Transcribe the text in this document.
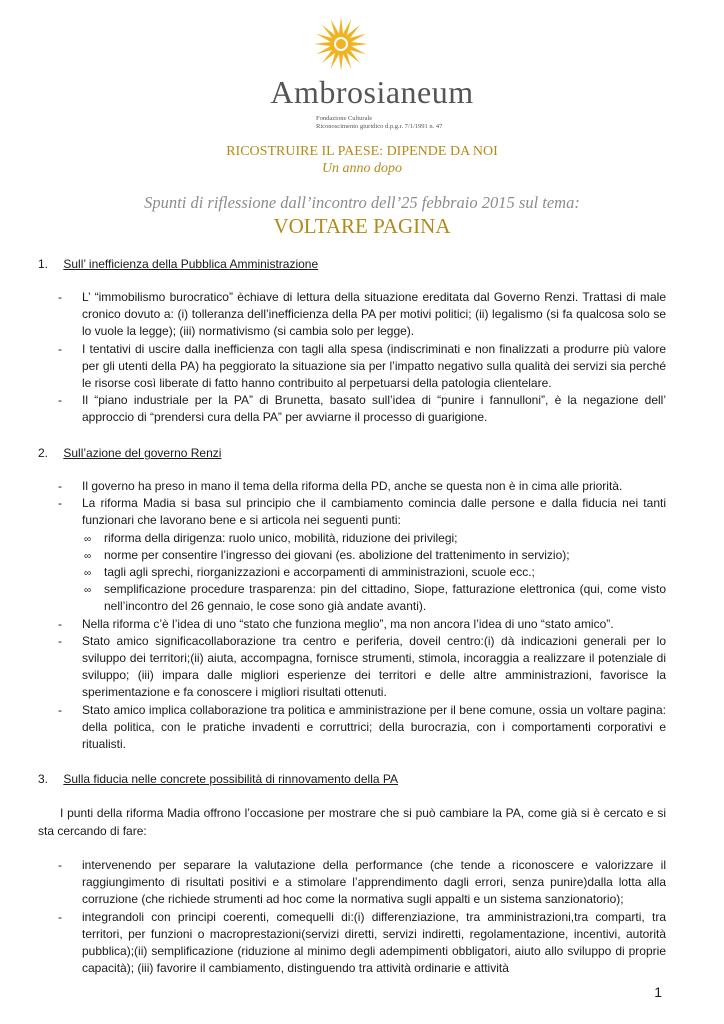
Ambrosianeum
Fondazione Culturale
Riconoscimento giuridico d.p.g.r. 7/1/1991 n. 47
RICOSTRUIRE IL PAESE: DIPENDE DA NOI
Un anno dopo
Spunti di riflessione dall’incontro dell’25 febbraio 2015 sul tema:
VOLTARE PAGINA
1. Sull’ inefficienza della Pubblica Amministrazione
- L’ “immobilismo burocratico” èchiave di lettura della situazione ereditata dal Governo Renzi. Trattasi di male cronico dovuto a: (i) tolleranza dell’inefficienza della PA per motivi politici; (ii) legalismo (si fa qualcosa solo se lo vuole la legge); (iii) normativismo (si cambia solo per legge).
- I tentativi di uscire dalla inefficienza con tagli alla spesa (indiscriminati e non finalizzati a produrre più valore per gli utenti della PA) ha peggiorato la situazione sia per l’impatto negativo sulla qualità dei servizi sia perché le risorse così liberate di fatto hanno contribuito al perpetuarsi della patologia clientelare.
- Il “piano industriale per la PA” di Brunetta, basato sull’idea di “punire i fannulloni”, è la negazione dell’ approccio di “prendersi cura della PA” per avviarne il processo di guarigione.
2. Sull’azione del governo Renzi
- Il governo ha preso in mano il tema della riforma della PD, anche se questa non è in cima alle priorità.
- La riforma Madia si basa sul principio che il cambiamento comincia dalle persone e dalla fiducia nei tanti funzionari che lavorano bene e si articola nei seguenti punti:
∞ riforma della dirigenza: ruolo unico, mobilità, riduzione dei privilegi;
∞ norme per consentire l’ingresso dei giovani (es. abolizione del trattenimento in servizio);
∞ tagli agli sprechi, riorganizzazioni e accorpamenti di amministrazioni, scuole ecc.;
∞ semplificazione procedure trasparenza: pin del cittadino, Siope, fatturazione elettronica (qui, come visto nell’incontro del 26 gennaio, le cose sono già andate avanti).
- Nella riforma c’è l’idea di uno “stato che funziona meglio”, ma non ancora l’idea di uno “stato amico”.
- Stato amico significacollaborazione tra centro e periferia, doveil centro:(i) dà indicazioni generali per lo sviluppo dei territori;(ii) aiuta, accompagna, fornisce strumenti, stimola, incoraggia a realizzare il potenziale di sviluppo; (iii) impara dalle migliori esperienze dei territori e delle altre amministrazioni, favorisce la sperimentazione e fa conoscere i migliori risultati ottenuti.
- Stato amico implica collaborazione tra politica e amministrazione per il bene comune, ossia un voltare pagina: della politica, con le pratiche invadenti e corruttrici; della burocrazia, con i comportamenti corporativi e ritualisti.
3. Sulla fiducia nelle concrete possibilità di rinnovamento della PA

I punti della riforma Madia offrono l’occasione per mostrare che si può cambiare la PA, come già si è cercato e si sta cercando di fare:

- intervenendo per separare la valutazione della performance (che tende a riconoscere e valorizzare il raggiungimento di risultati positivi e a stimolare l’apprendimento dagli errori, senza punire)dalla lotta alla corruzione (che richiede strumenti ad hoc come la normativa sugli appalti e un sistema sanzionatorio);
- integrandoli con principi coerenti, comequelli di:(i) differenziazione, tra amministrazioni,tra comparti, tra territori, per funzioni o macroprestazioni(servizi diretti, servizi indiretti, regolamentazione, incentivi, autorità pubblica);(ii) semplificazione (riduzione al minimo degli adempimenti obbligatori, aiuto allo sviluppo di proprie capacità); (iii) favorire il cambiamento, distinguendo tra attività ordinarie e attività
1
